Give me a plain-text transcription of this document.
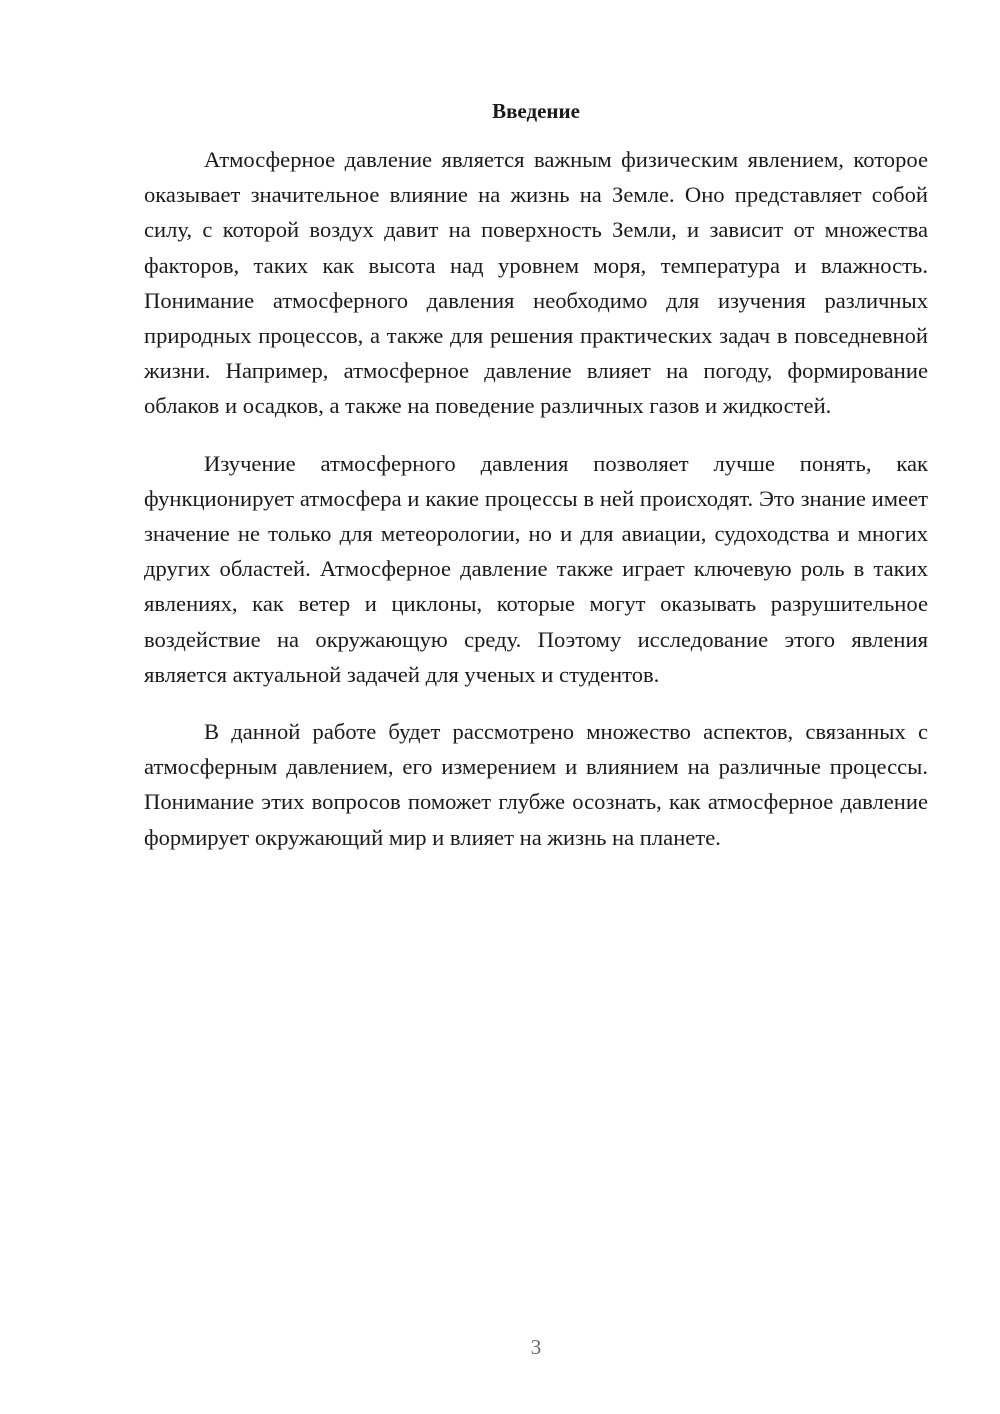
Введение

Атмосферное давление является важным физическим явлением, которое оказывает значительное влияние на жизнь на Земле. Оно представляет собой силу, с которой воздух давит на поверхность Земли, и зависит от множества факторов, таких как высота над уровнем моря, температура и влажность. Понимание атмосферного давления необходимо для изучения различных природных процессов, а также для решения практических задач в повседневной жизни. Например, атмосферное давление влияет на погоду, формирование облаков и осадков, а также на поведение различных газов и жидкостей.

Изучение атмосферного давления позволяет лучше понять, как функционирует атмосфера и какие процессы в ней происходят. Это знание имеет значение не только для метеорологии, но и для авиации, судоходства и многих других областей. Атмосферное давление также играет ключевую роль в таких явлениях, как ветер и циклоны, которые могут оказывать разрушительное воздействие на окружающую среду. Поэтому исследование этого явления является актуальной задачей для ученых и студентов.

В данной работе будет рассмотрено множество аспектов, связанных с атмосферным давлением, его измерением и влиянием на различные процессы. Понимание этих вопросов поможет глубже осознать, как атмосферное давление формирует окружающий мир и влияет на жизнь на планете.

3
